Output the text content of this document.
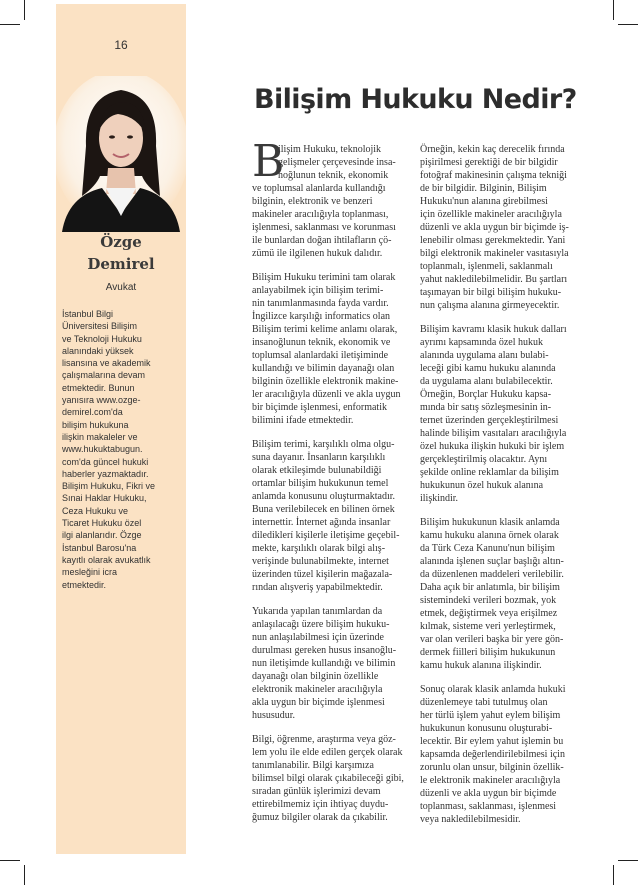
16
Özge
Demirel
Avukat
İstanbul Bilgi
Üniversitesi Bilişim
ve Teknoloji Hukuku
alanındaki yüksek
lisansına ve akademik
çalışmalarına devam
etmektedir. Bunun
yanısıra www.ozge-
demirel.com'da
bilişim hukukuna
ilişkin makaleler ve
www.hukuktabugun.
com'da güncel hukuki
haberler yazmaktadır.
Bilişim Hukuku, Fikri ve
Sınai Haklar Hukuku,
Ceza Hukuku ve
Ticaret Hukuku özel
ilgi alanlarıdır. Özge
İstanbul Barosu'na
kayıtlı olarak avukatlık
mesleğini icra
etmektedir.
Bilişim Hukuku Nedir?
B
ilişim Hukuku, teknolojik
gelişmeler çerçevesinde insa-
noğlunun teknik, ekonomik
ve toplumsal alanlarda kullandığı
bilginin, elektronik ve benzeri
makineler aracılığıyla toplanması,
işlenmesi, saklanması ve korunması
ile bunlardan doğan ihtilafların çö-
zümü ile ilgilenen hukuk dalıdır.
Bilişim Hukuku terimini tam olarak
anlayabilmek için bilişim terimi-
nin tanımlanmasında fayda vardır.
İngilizce karşılığı informatics olan
Bilişim terimi kelime anlamı olarak,
insanoğlunun teknik, ekonomik ve
toplumsal alanlardaki iletişiminde
kullandığı ve bilimin dayanağı olan
bilginin özellikle elektronik makine-
ler aracılığıyla düzenli ve akla uygun
bir biçimde işlenmesi, enformatik
bilimini ifade etmektedir.
Bilişim terimi, karşılıklı olma olgu-
suna dayanır. İnsanların karşılıklı
olarak etkileşimde bulunabildiği
ortamlar bilişim hukukunun temel
anlamda konusunu oluşturmaktadır.
Buna verilebilecek en bilinen örnek
internettir. İnternet ağında insanlar
dilediklerí kişilerle iletişime geçebil-
mekte, karşılıklı olarak bilgi alış-
verişinde bulunabilmekte, internet
üzerinden tüzel kişilerin mağazala-
rından alışveriş yapabilmektedir.
Yukarıda yapılan tanımlardan da
anlaşılacağı üzere bilişim hukuku-
nun anlaşılabilmesi için üzerinde
durulması gereken husus insanoğlu-
nun iletişimde kullandığı ve bilimin
dayanağı olan bilginin özellikle
elektronik makineler aracılığıyla
akla uygun bir biçimde işlenmesi
hususudur.
Bilgi, öğrenme, araştırma veya göz-
lem yolu ile elde edilen gerçek olarak
tanımlanabilir. Bilgi karşımıza
bilimsel bilgi olarak çıkabileceği gibi,
sıradan günlük işlerimizi devam
ettirebilmemiz için ihtiyaç duydu-
ğumuz bilgiler olarak da çıkabilir.
Örneğin, kekin kaç derecelik fırında
pişirilmesi gerektiği de bir bilgidir
fotoğraf makinesinin çalışma tekniği
de bir bilgidir. Bilginin, Bilişim
Hukuku'nun alanına girebilmesi
için özellikle makineler aracılığıyla
düzenli ve akla uygun bir biçimde iş-
lenebilir olması gerekmektedir. Yani
bilgi elektronik makineler vasıtasıyla
toplanmalı, işlenmeli, saklanmalı
yahut nakledilebilmelidir. Bu şartları
taşımayan bir bilgi bilişim hukuku-
nun çalışma alanına girmeyecektir.
Bilişim kavramı klasik hukuk dalları
ayrımı kapsamında özel hukuk
alanında uygulama alanı bulabi-
leceği gibi kamu hukuku alanında
da uygulama alanı bulabilecektir.
Örneğin, Borçlar Hukuku kapsa-
mında bir satış sözleşmesinin in-
ternet üzerinden gerçekleştirilmesi
halinde bilişim vasıtaları aracılığıyla
özel hukuka ilişkin hukuki bir işlem
gerçekleştirilmiş olacaktır. Aynı
şekilde online reklamlar da bilişim
hukukunun özel hukuk alanına
ilişkindir.
Bilişim hukukunun klasik anlamda
kamu hukuku alanına örnek olarak
da Türk Ceza Kanunu'nun bilişim
alanında işlenen suçlar başlığı altın-
da düzenlenen maddeleri verilebilir.
Daha açık bir anlatımla, bir bilişim
sistemindeki verileri bozmak, yok
etmek, değiştirmek veya erişilmez
kılmak, sisteme veri yerleştirmek,
var olan verileri başka bir yere gön-
dermek fiilleri bilişim hukukunun
kamu hukuk alanına ilişkindir.
Sonuç olarak klasik anlamda hukuki
düzenlemeye tabi tutulmuş olan
her türlü işlem yahut eylem bilişim
hukukunun konusunu oluşturabi-
lecektir. Bir eylem yahut işlemin bu
kapsamda değerlendirilebilmesi için
zorunlu olan unsur, bilginin özellik-
le elektronik makineler aracılığıyla
düzenli ve akla uygun bir biçimde
toplanması, saklanması, işlenmesi
veya nakledilebilmesidir.
